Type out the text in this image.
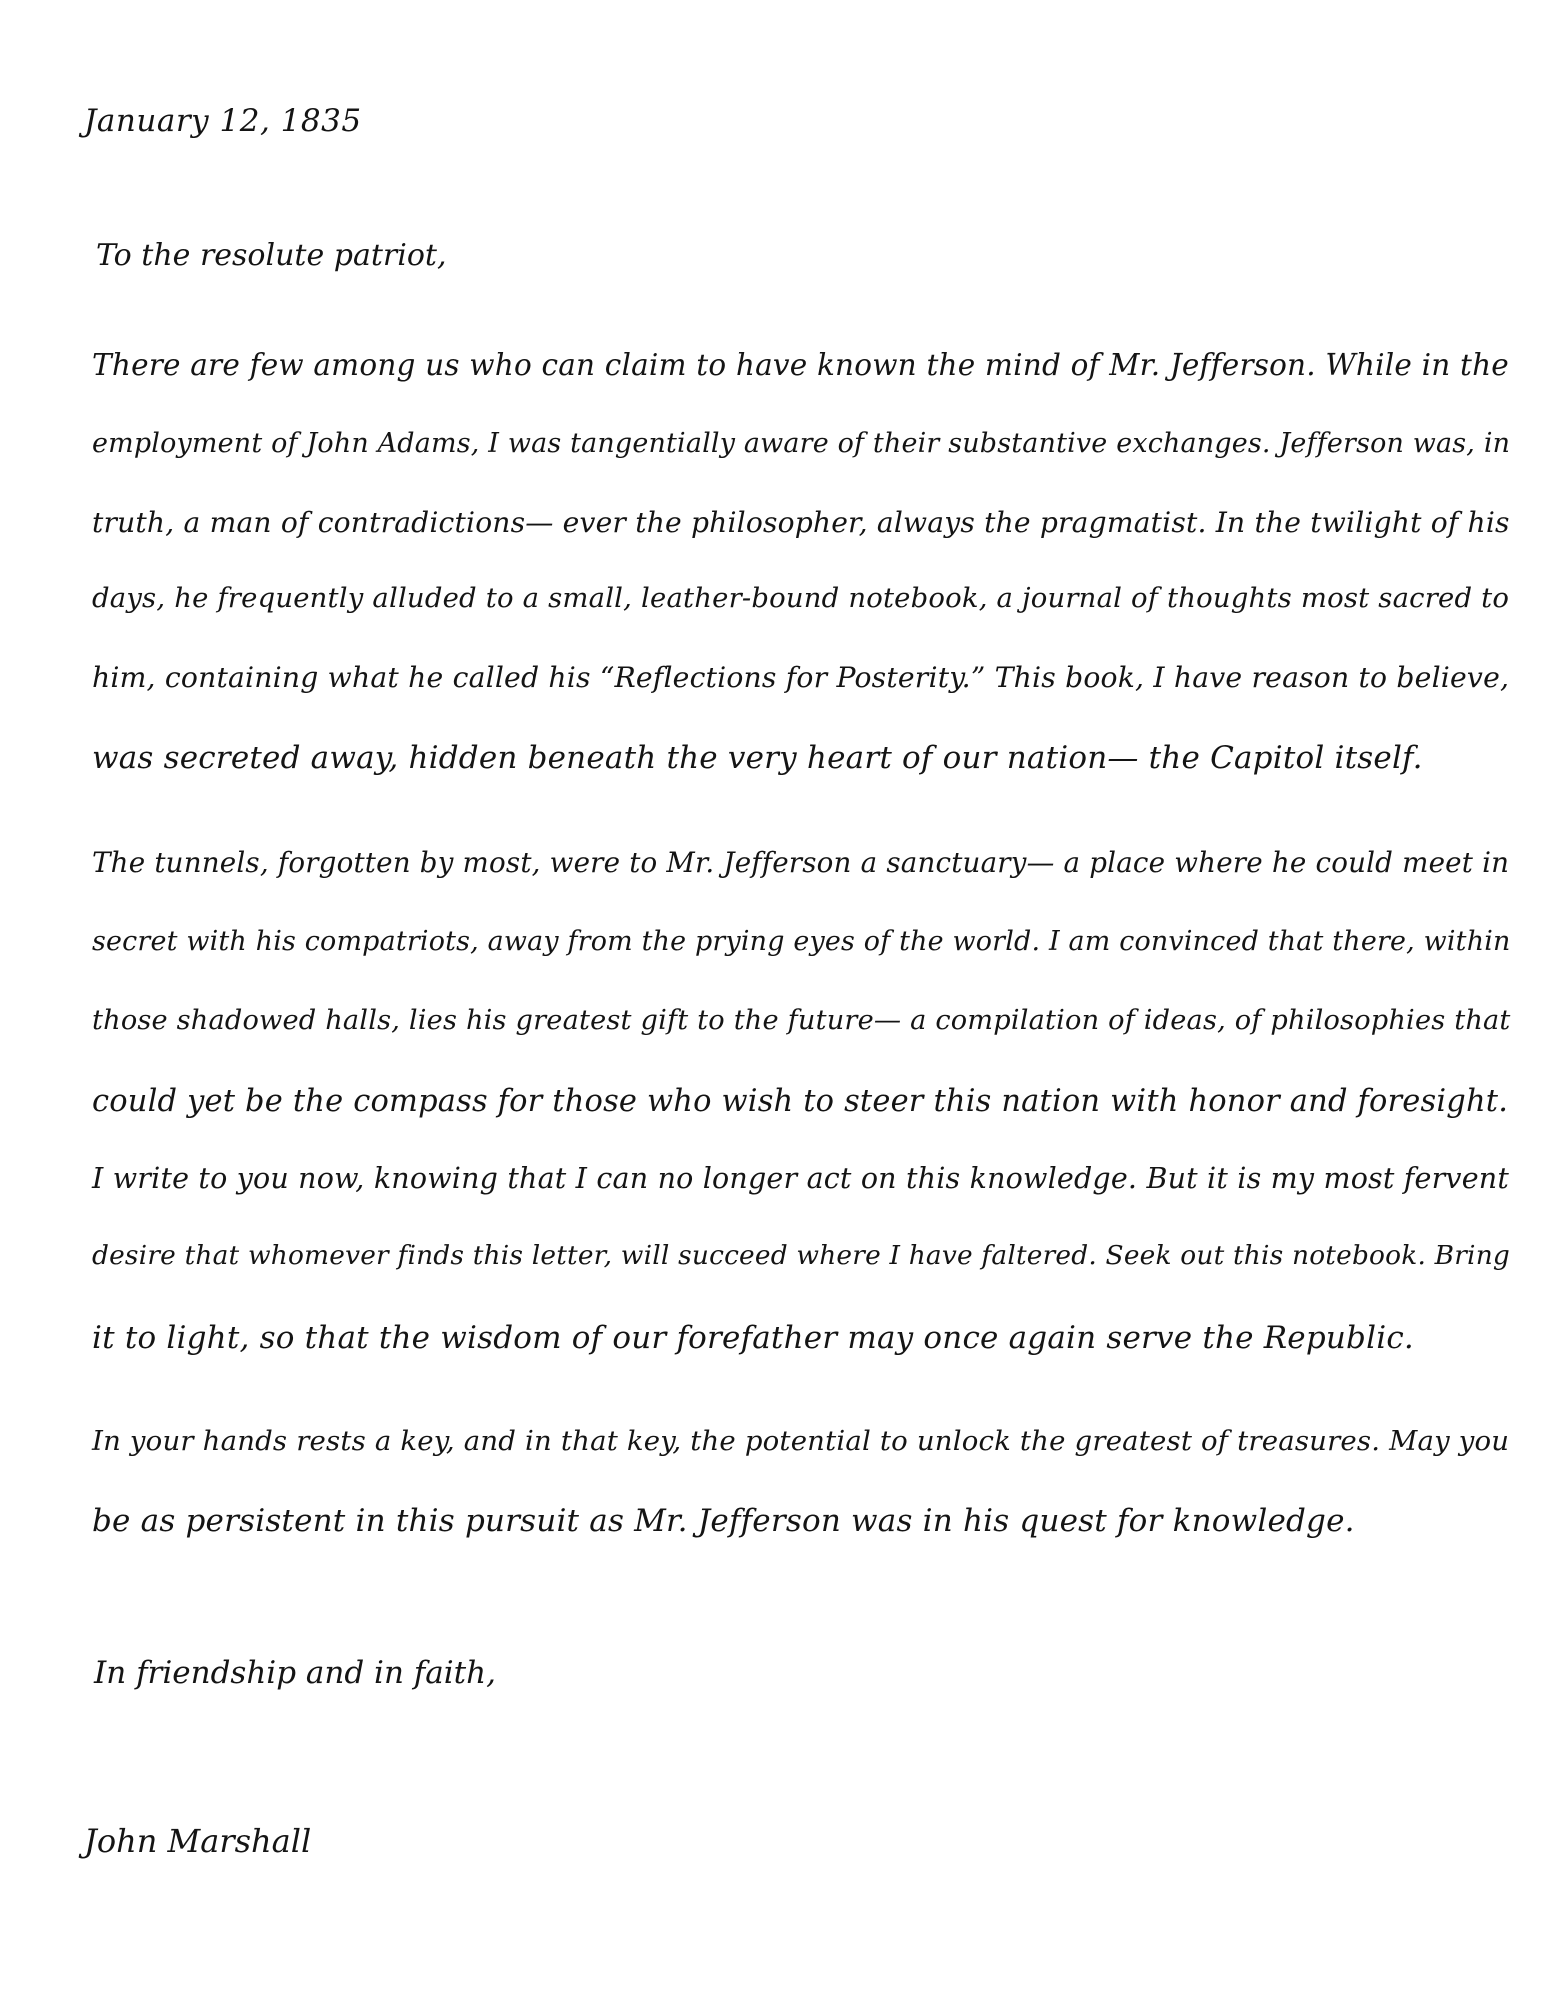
January 12, 1835
To the resolute patriot,
There are few among us who can claim to have known the mind of Mr. Jefferson. While in the
employment of John Adams, I was tangentially aware of their substantive exchanges. Jefferson was, in
truth, a man of contradictions— ever the philosopher, always the pragmatist. In the twilight of his
days, he frequently alluded to a small, leather-bound notebook, a journal of thoughts most sacred to
him, containing what he called his “Reflections for Posterity.” This book, I have reason to believe,
was secreted away, hidden beneath the very heart of our nation— the Capitol itself.
The tunnels, forgotten by most, were to Mr. Jefferson a sanctuary— a place where he could meet in
secret with his compatriots, away from the prying eyes of the world. I am convinced that there, within
those shadowed halls, lies his greatest gift to the future— a compilation of ideas, of philosophies that
could yet be the compass for those who wish to steer this nation with honor and foresight.
I write to you now, knowing that I can no longer act on this knowledge. But it is my most fervent
desire that whomever finds this letter, will succeed where I have faltered. Seek out this notebook. Bring
it to light, so that the wisdom of our forefather may once again serve the Republic.
In your hands rests a key, and in that key, the potential to unlock the greatest of treasures. May you
be as persistent in this pursuit as Mr. Jefferson was in his quest for knowledge.
In friendship and in faith,
John Marshall
